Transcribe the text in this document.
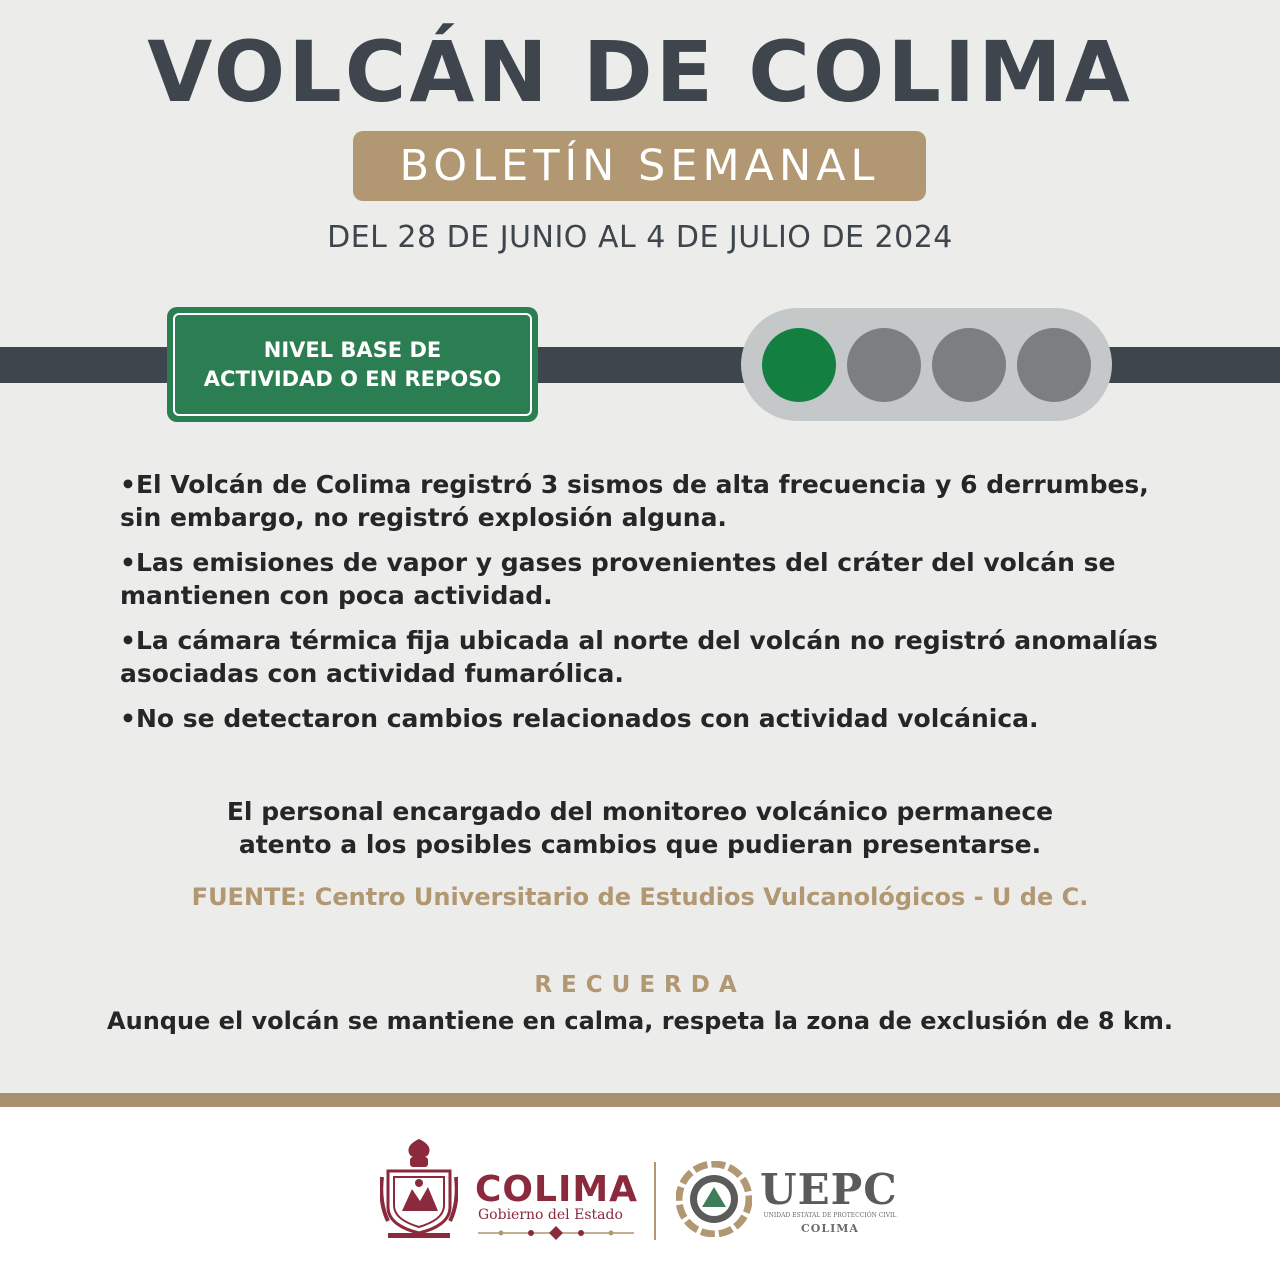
VOLCÁN DE COLIMA
BOLETÍN SEMANAL
DEL 28 DE JUNIO AL 4 DE JULIO DE 2024
NIVEL BASE DE
ACTIVIDAD O EN REPOSO
•El Volcán de Colima registró 3 sismos de alta frecuencia y 6 derrumbes, sin embargo, no registró explosión alguna.
•Las emisiones de vapor y gases provenientes del cráter del volcán se mantienen con poca actividad.
•La cámara térmica fija ubicada al norte del volcán no registró anomalías asociadas con actividad fumarólica.
•No se detectaron cambios relacionados con actividad volcánica.
El personal encargado del monitoreo volcánico permanece
atento a los posibles cambios que pudieran presentarse.
FUENTE: Centro Universitario de Estudios Vulcanológicos - U de C.
RECUERDA
Aunque el volcán se mantiene en calma, respeta la zona de exclusión de 8 km.
COLIMA
Gobierno del Estado
UEPC
UNIDAD ESTATAL DE PROTECCIÓN CIVIL
COLIMA
